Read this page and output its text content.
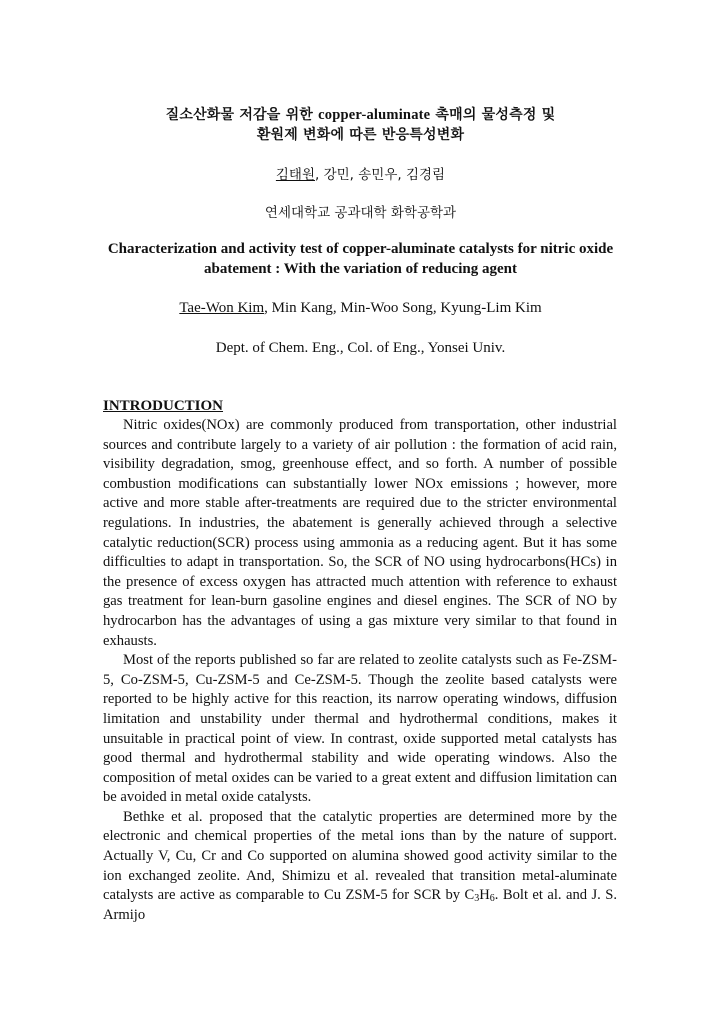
질소산화물 저감을 위한 copper-aluminate 촉매의 물성측정 및
환원제 변화에 따른 반응특성변화
김태원, 강민, 송민우, 김경림
연세대학교 공과대학 화학공학과
Characterization and activity test of copper-aluminate catalysts for nitric oxide
abatement : With the variation of reducing agent
Tae-Won Kim, Min Kang, Min-Woo Song, Kyung-Lim Kim
Dept. of Chem. Eng., Col. of Eng., Yonsei Univ.
INTRODUCTION

Nitric oxides(NOx) are commonly produced from transportation, other industrial sources and contribute largely to a variety of air pollution : the formation of acid rain, visibility degradation, smog, greenhouse effect, and so forth. A number of possible combustion modifications can substantially lower NOx emissions ; however, more active and more stable after-treatments are required due to the stricter environmental regulations. In industries, the abatement is generally achieved through a selective catalytic reduction(SCR) process using ammonia as a reducing agent. But it has some difficulties to adapt in transportation. So, the SCR of NO using hydrocarbons(HCs) in the presence of excess oxygen has attracted much attention with reference to exhaust gas treatment for lean-burn gasoline engines and diesel engines. The SCR of NO by hydrocarbon has the advantages of using a gas mixture very similar to that found in exhausts.

Most of the reports published so far are related to zeolite catalysts such as Fe-ZSM-5, Co-ZSM-5, Cu-ZSM-5 and Ce-ZSM-5. Though the zeolite based catalysts were reported to be highly active for this reaction, its narrow operating windows, diffusion limitation and unstability under thermal and hydrothermal conditions, makes it unsuitable in practical point of view. In contrast, oxide supported metal catalysts has good thermal and hydrothermal stability and wide operating windows. Also the composition of metal oxides can be varied to a great extent and diffusion limitation can be avoided in metal oxide catalysts.

Bethke et al. proposed that the catalytic properties are determined more by the electronic and chemical properties of the metal ions than by the nature of support. Actually V, Cu, Cr and Co supported on alumina showed good activity similar to the ion exchanged zeolite. And, Shimizu et al. revealed that transition metal-aluminate catalysts are active as comparable to Cu ZSM-5 for SCR by $C_3H_6$. Bolt et al. and J. S. Armijo
